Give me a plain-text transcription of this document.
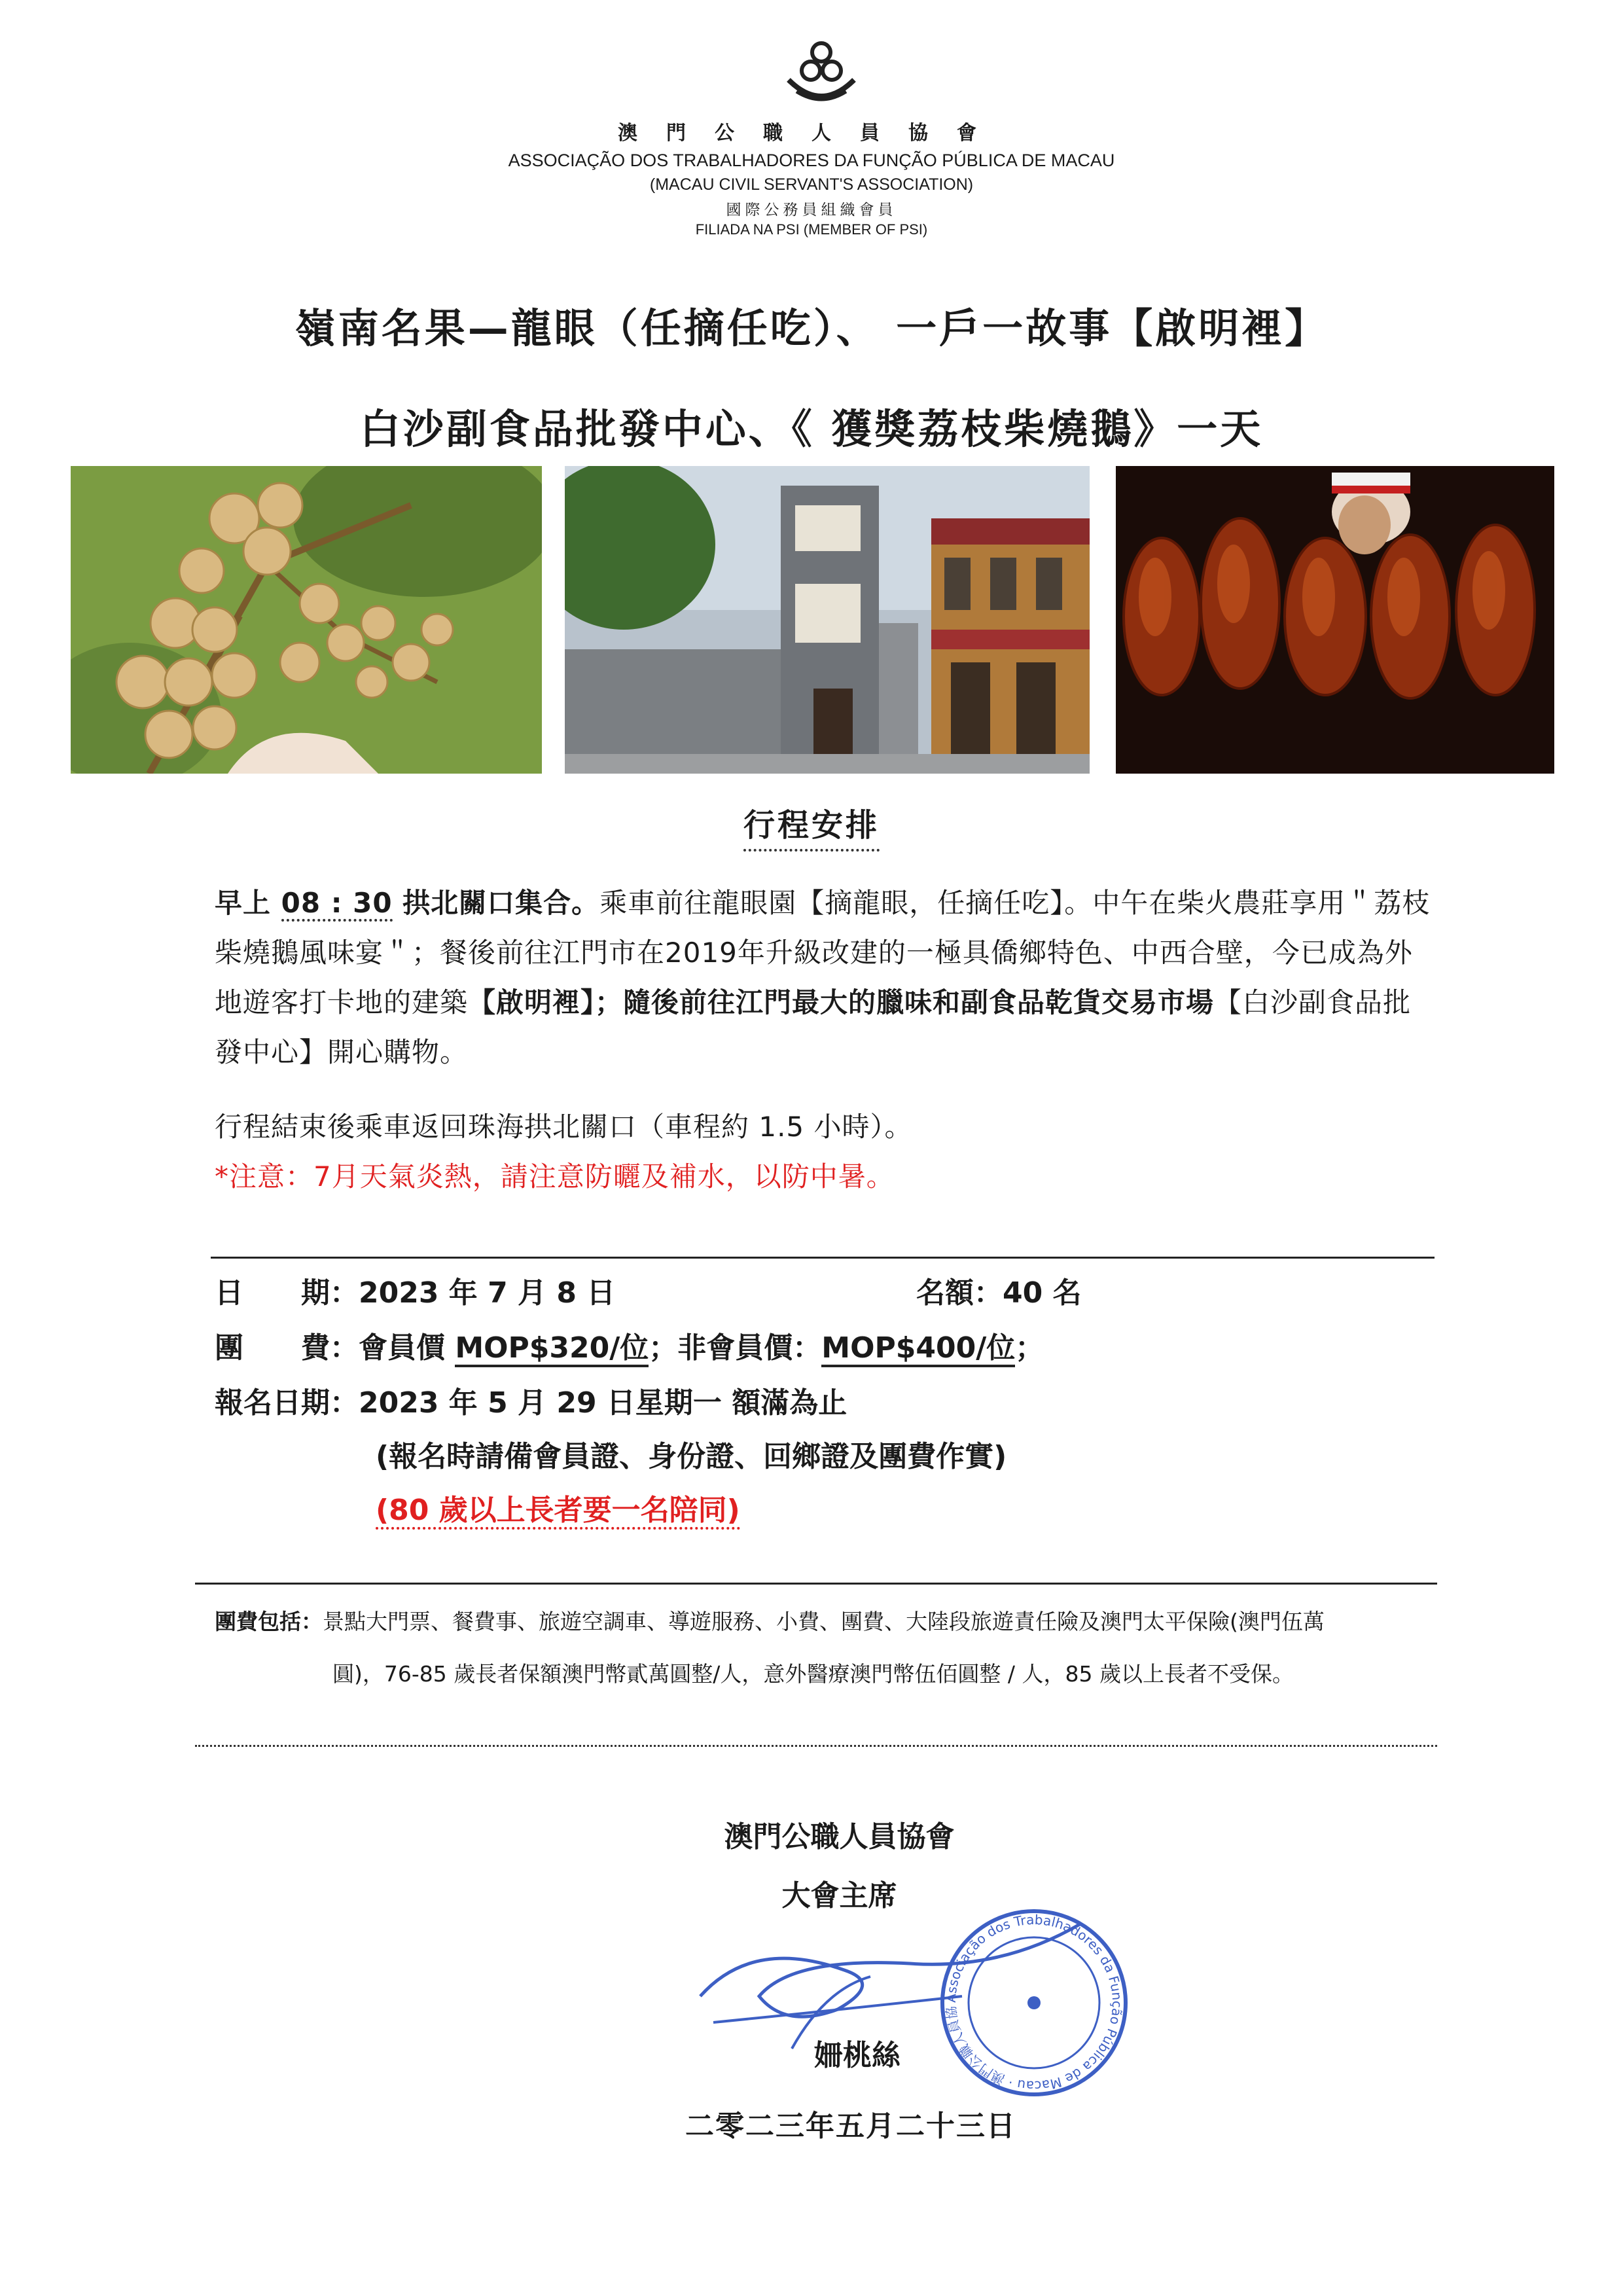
澳門公職人員協會
ASSOCIAÇÃO DOS TRABALHADORES DA FUNÇÃO PÚBLICA DE MACAU
(MACAU CIVIL SERVANT'S ASSOCIATION)
國際公務員組織會員
FILIADA NA PSI (MEMBER OF PSI)
嶺南名果—龍眼（任摘任吃）、 一戶一故事【啟明裡】
白沙副食品批發中心、《 獲獎荔枝柴燒鵝》一天
行程安排
早上 08 : 30 拱北關口集合。乘車前往龍眼園【摘龍眼，任摘任吃】。中午在柴火農莊享用＂荔枝柴燒鵝風味宴＂；餐後前往江門市在2019年升級改建的一極具僑鄉特色、中西合壁，今已成為外地遊客打卡地的建築【啟明裡】；隨後前往江門最大的臘味和副食品乾貨交易市場【白沙副食品批發中心】開心購物。
行程結束後乘車返回珠海拱北關口（車程約 1.5 小時）。
*注意：7月天氣炎熱，請注意防曬及補水，以防中暑。
日　　期：2023 年 7 月 8 日	名額：40 名
團　　費：會員價 MOP$320/位；非會員價：MOP$400/位；
報名日期：2023 年 5 月 29 日星期一 額滿為止
(報名時請備會員證、身份證、回鄉證及團費作實)
(80 歲以上長者要一名陪同)
團費包括：景點大門票、餐費事、旅遊空調車、導遊服務、小費、團費、大陸段旅遊責任險及澳門太平保險(澳門伍萬
圓)，76-85 歲長者保額澳門幣貳萬圓整/人，意外醫療澳門幣伍佰圓整 / 人，85 歲以上長者不受保。
澳門公職人員協會
大會主席
Associação dos Trabalhadores da Função Pública de Macau · 澳門公職人員協
姍桃絲
二零二三年五月二十三日
